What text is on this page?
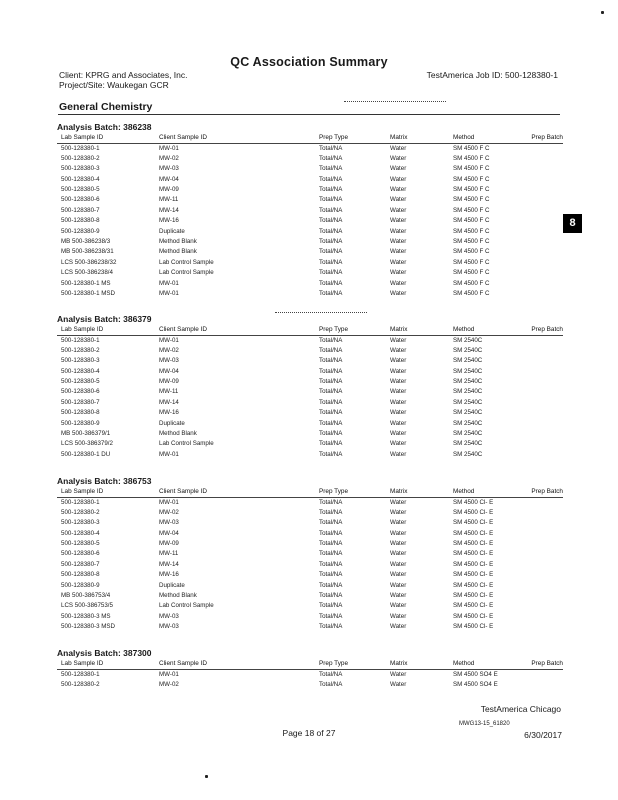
QC Association Summary
Client: KPRG and Associates, Inc.
Project/Site: Waukegan GCR
TestAmerica Job ID: 500-128380-1
General Chemistry
8
Analysis Batch: 386238
Lab Sample ID	Client Sample ID	Prep Type	Matrix	Method	Prep Batch
500-128380-1	MW-01	Total/NA	Water	SM 4500 F C
500-128380-2	MW-02	Total/NA	Water	SM 4500 F C
500-128380-3	MW-03	Total/NA	Water	SM 4500 F C
500-128380-4	MW-04	Total/NA	Water	SM 4500 F C
500-128380-5	MW-09	Total/NA	Water	SM 4500 F C
500-128380-6	MW-11	Total/NA	Water	SM 4500 F C
500-128380-7	MW-14	Total/NA	Water	SM 4500 F C
500-128380-8	MW-16	Total/NA	Water	SM 4500 F C
500-128380-9	Duplicate	Total/NA	Water	SM 4500 F C
MB 500-386238/3	Method Blank	Total/NA	Water	SM 4500 F C
MB 500-386238/31	Method Blank	Total/NA	Water	SM 4500 F C
LCS 500-386238/32	Lab Control Sample	Total/NA	Water	SM 4500 F C
LCS 500-386238/4	Lab Control Sample	Total/NA	Water	SM 4500 F C
500-128380-1 MS	MW-01	Total/NA	Water	SM 4500 F C
500-128380-1 MSD	MW-01	Total/NA	Water	SM 4500 F C
Analysis Batch: 386379
Lab Sample ID	Client Sample ID	Prep Type	Matrix	Method	Prep Batch
500-128380-1	MW-01	Total/NA	Water	SM 2540C
500-128380-2	MW-02	Total/NA	Water	SM 2540C
500-128380-3	MW-03	Total/NA	Water	SM 2540C
500-128380-4	MW-04	Total/NA	Water	SM 2540C
500-128380-5	MW-09	Total/NA	Water	SM 2540C
500-128380-6	MW-11	Total/NA	Water	SM 2540C
500-128380-7	MW-14	Total/NA	Water	SM 2540C
500-128380-8	MW-16	Total/NA	Water	SM 2540C
500-128380-9	Duplicate	Total/NA	Water	SM 2540C
MB 500-386379/1	Method Blank	Total/NA	Water	SM 2540C
LCS 500-386379/2	Lab Control Sample	Total/NA	Water	SM 2540C
500-128380-1 DU	MW-01	Total/NA	Water	SM 2540C
Analysis Batch: 386753
Lab Sample ID	Client Sample ID	Prep Type	Matrix	Method	Prep Batch
500-128380-1	MW-01	Total/NA	Water	SM 4500 Cl- E
500-128380-2	MW-02	Total/NA	Water	SM 4500 Cl- E
500-128380-3	MW-03	Total/NA	Water	SM 4500 Cl- E
500-128380-4	MW-04	Total/NA	Water	SM 4500 Cl- E
500-128380-5	MW-09	Total/NA	Water	SM 4500 Cl- E
500-128380-6	MW-11	Total/NA	Water	SM 4500 Cl- E
500-128380-7	MW-14	Total/NA	Water	SM 4500 Cl- E
500-128380-8	MW-16	Total/NA	Water	SM 4500 Cl- E
500-128380-9	Duplicate	Total/NA	Water	SM 4500 Cl- E
MB 500-386753/4	Method Blank	Total/NA	Water	SM 4500 Cl- E
LCS 500-386753/5	Lab Control Sample	Total/NA	Water	SM 4500 Cl- E
500-128380-3 MS	MW-03	Total/NA	Water	SM 4500 Cl- E
500-128380-3 MSD	MW-03	Total/NA	Water	SM 4500 Cl- E
Analysis Batch: 387300
Lab Sample ID	Client Sample ID	Prep Type	Matrix	Method	Prep Batch
500-128380-1	MW-01	Total/NA	Water	SM 4500 SO4 E
500-128380-2	MW-02	Total/NA	Water	SM 4500 SO4 E
TestAmerica Chicago
MWG13-15_61820
Page 18 of 27	6/30/2017
